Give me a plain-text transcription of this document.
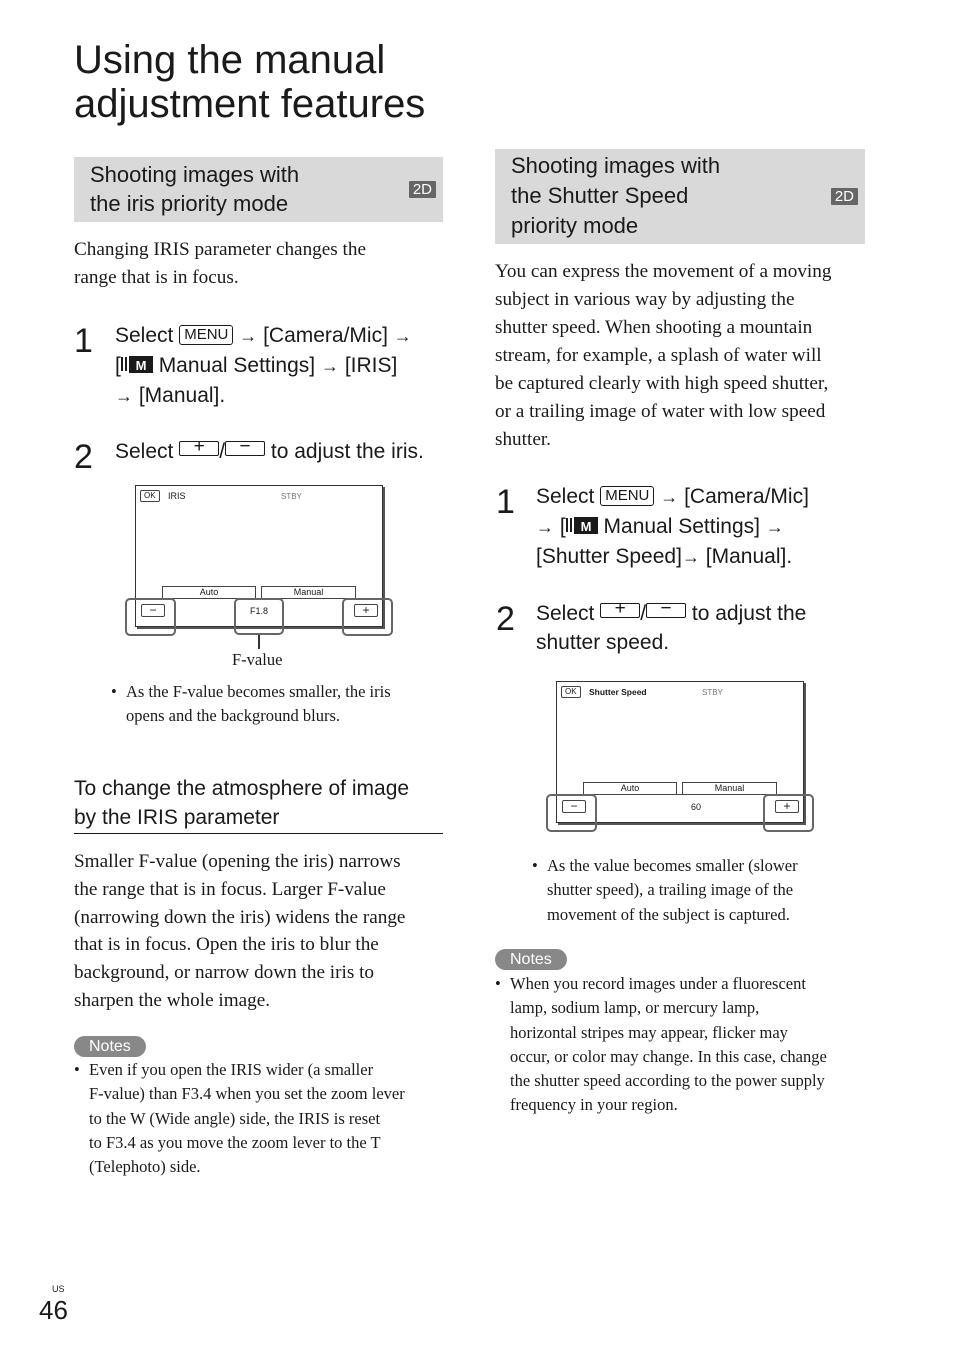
Using the manual
adjustment features
Shooting images with
the iris priority mode
2D
Changing IRIS parameter changes the
range that is in focus.
1 Select MENU → [Camera/Mic] →
[ M Manual Settings] → [IRIS]
→ [Manual].
2 Select	+ / − to adjust the iris.
OK	IRIS	STBY
Auto	Manual
−	F1.8	+
F-value
• As the F-value becomes smaller, the iris
opens and the background blurs.
To change the atmosphere of image
by the IRIS parameter
Smaller F-value (opening the iris) narrows
the range that is in focus. Larger F-value
(narrowing down the iris) widens the range
that is in focus. Open the iris to blur the
background, or narrow down the iris to
sharpen the whole image.
Notes
• Even if you open the IRIS wider (a smaller
F-value) than F3.4 when you set the zoom lever
to the W (Wide angle) side, the IRIS is reset
to F3.4 as you move the zoom lever to the T
(Telephoto) side.
Shooting images with
the Shutter Speed
priority mode
2D
You can express the movement of a moving
subject in various way by adjusting the
shutter speed. When shooting a mountain
stream, for example, a splash of water will
be captured clearly with high speed shutter,
or a trailing image of water with low speed
shutter.
1 Select MENU → [Camera/Mic]
→ [ M Manual Settings] →
[Shutter Speed]→ [Manual].
2 Select	+ / − to adjust the
shutter speed.
OK	Shutter Speed	STBY
Auto	Manual
−	60	+
• As the value becomes smaller (slower
shutter speed), a trailing image of the
movement of the subject is captured.
Notes
• When you record images under a fluorescent
lamp, sodium lamp, or mercury lamp,
horizontal stripes may appear, flicker may
occur, or color may change. In this case, change
the shutter speed according to the power supply
frequency in your region.
US
46
